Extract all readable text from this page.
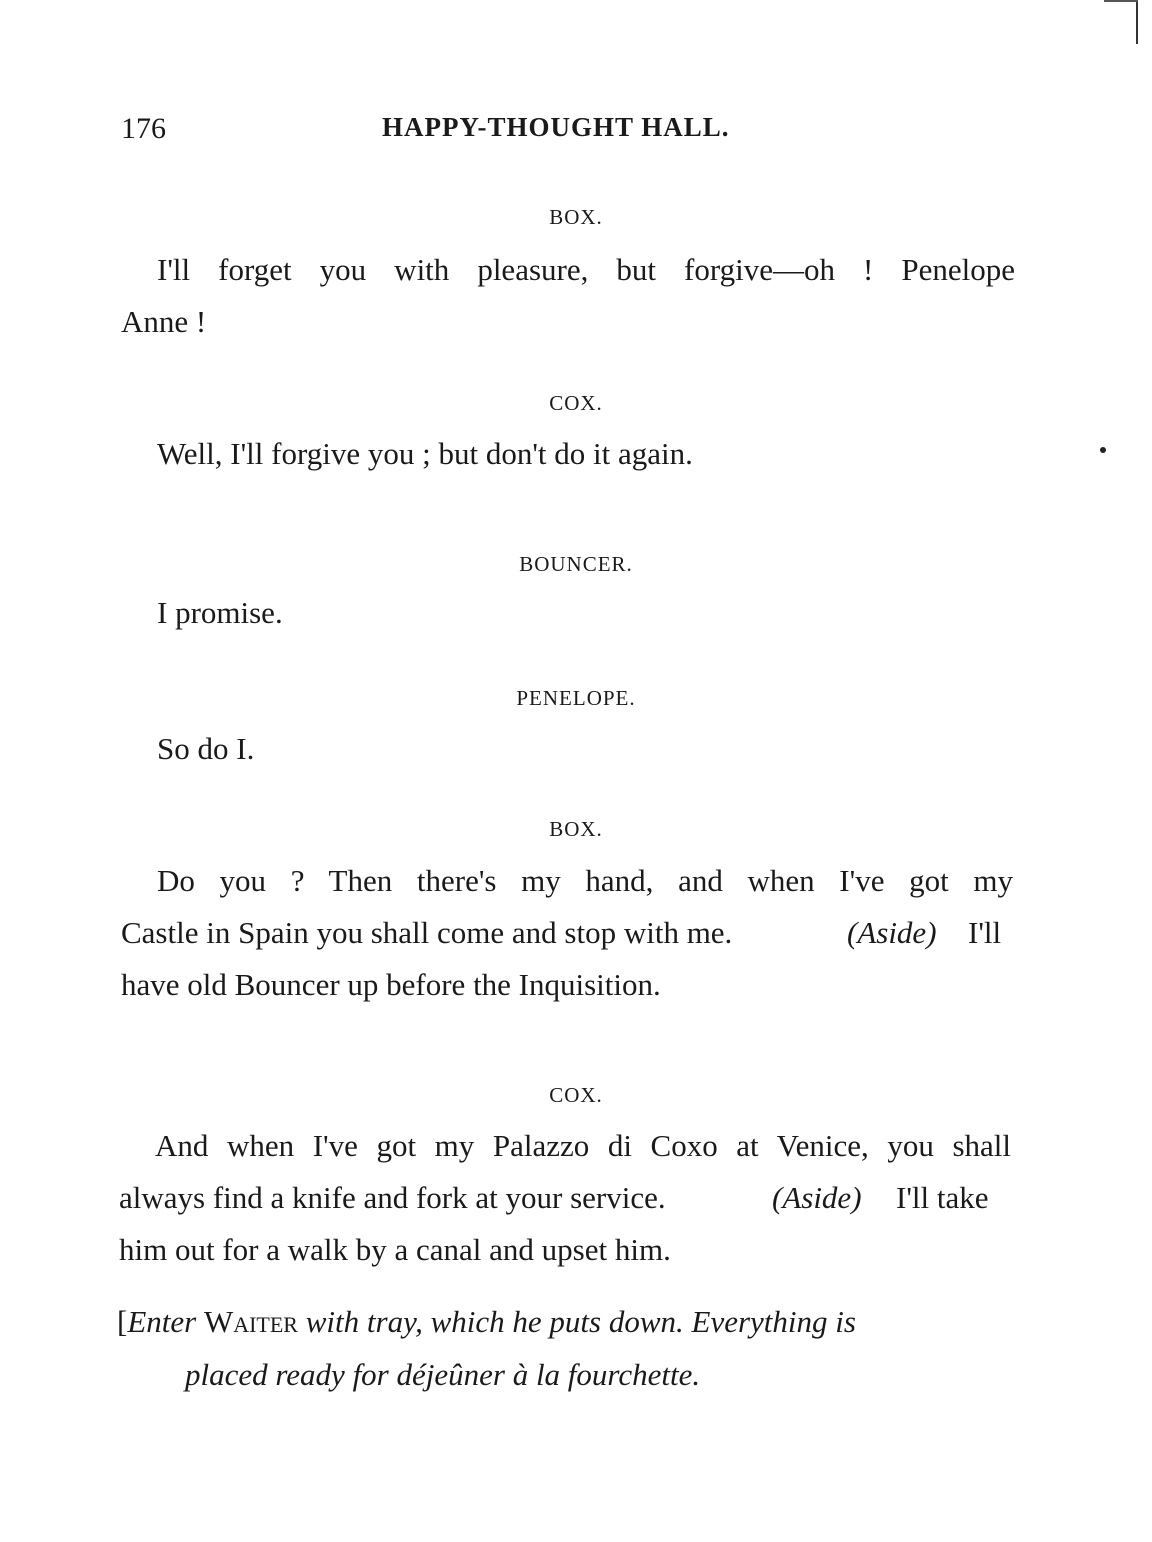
176	HAPPY-THOUGHT HALL.
BOX.
I'll forget you with pleasure, but forgive—oh ! Penelope
Anne !
COX.
Well, I'll forgive you ; but don't do it again.
BOUNCER.
I promise.
PENELOPE.
So do I.
BOX.
Do you ? Then there's my hand, and when I've got my
Castle in Spain you shall come and stop with me.	(Aside) I'll
have old Bouncer up before the Inquisition.
COX.
And when I've got my Palazzo di Coxo at Venice, you shall
always find a knife and fork at your service.	(Aside) I'll take
him out for a walk by a canal and upset him.
[Enter Waiter with tray, which he puts down. Everything is
placed ready for déjeûner à la fourchette.
